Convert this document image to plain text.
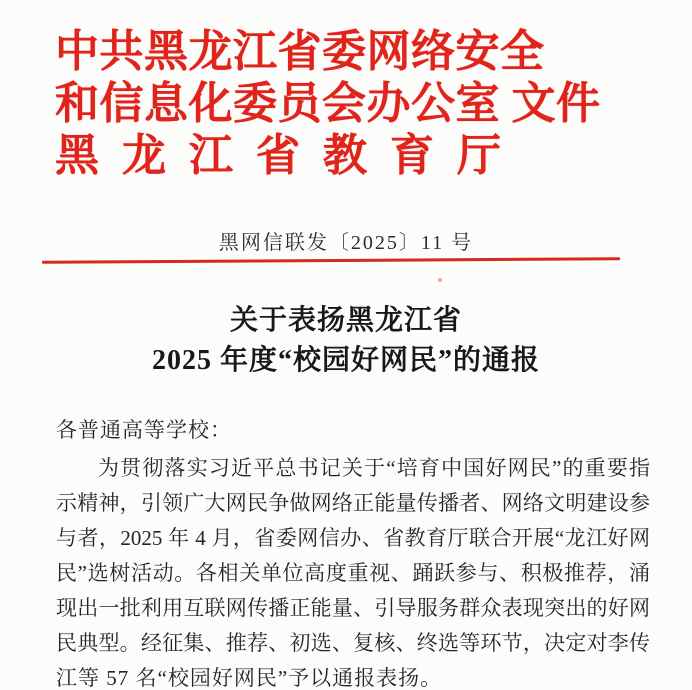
中共黑龙江省委网络安全
和信息化委员会办公室 文件
黑龙江省教育厅
黑网信联发〔2025〕11 号
关于表扬黑龙江省
2025 年度“校园好网民”的通报
各普通高等学校：
为贯彻落实习近平总书记关于“培育中国好网民”的重要指
示精神，引领广大网民争做网络正能量传播者、网络文明建设参
与者，2025 年 4 月，省委网信办、省教育厅联合开展“龙江好网
民”选树活动。各相关单位高度重视、踊跃参与、积极推荐，涌
现出一批利用互联网传播正能量、引导服务群众表现突出的好网
民典型。经征集、推荐、初选、复核、终选等环节，决定对李传
江等 57 名“校园好网民”予以通报表扬。
